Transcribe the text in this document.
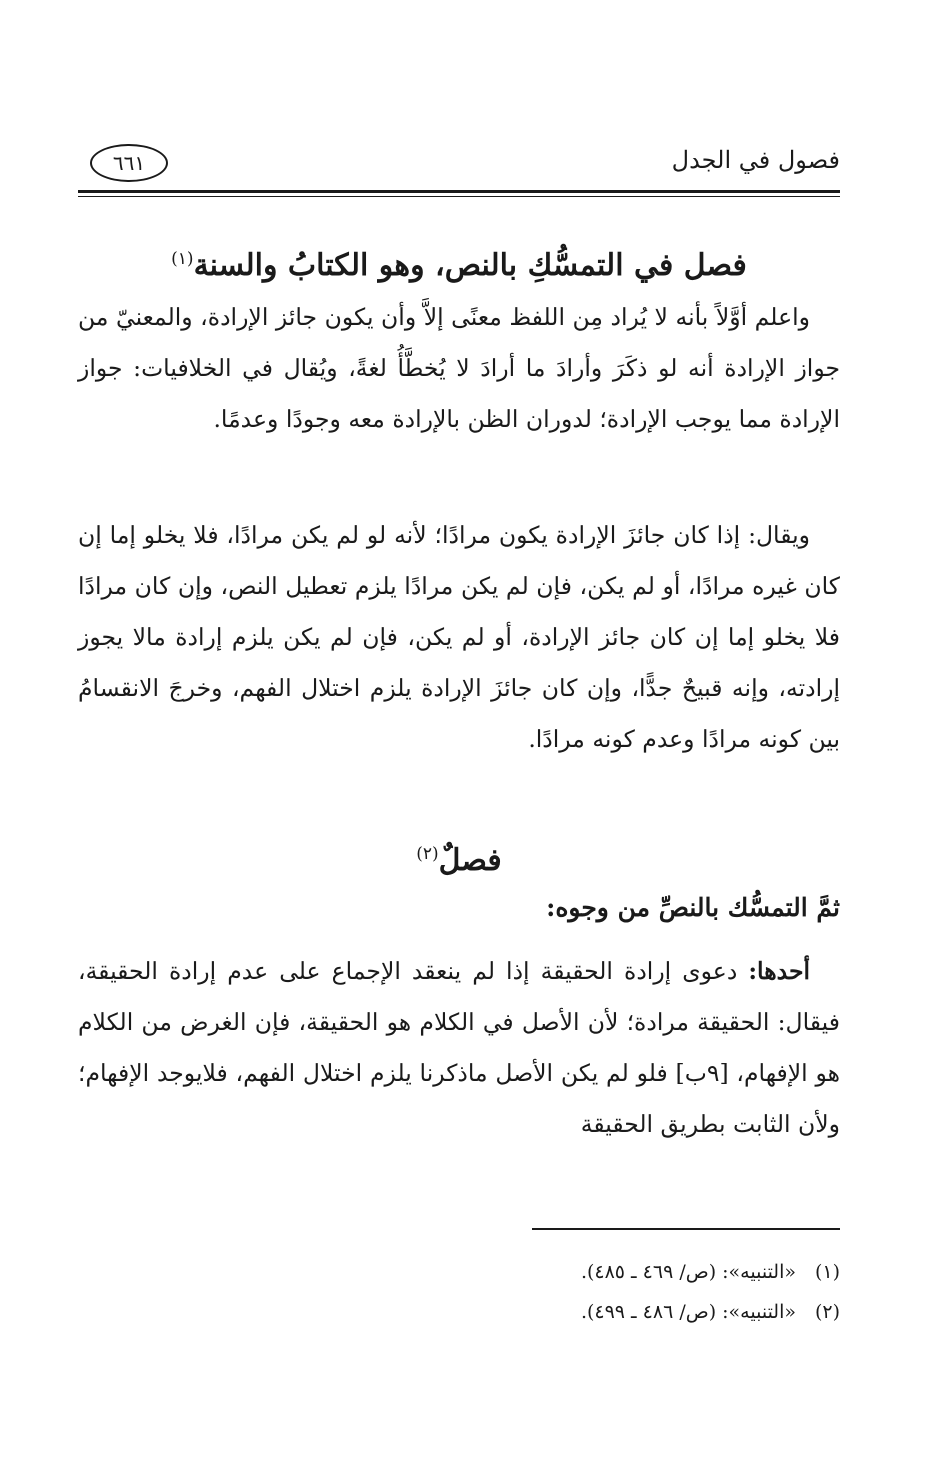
فصول في الجدل
٦٦١
فصل في التمسُّكِ بالنص، وهو الكتابُ والسنة$^{(١)}$

واعلم أوَّلاً بأنه لا يُراد مِن اللفظ معنًى إلاَّ وأن يكون جائز الإرادة، والمعنيّ من جواز الإرادة أنه لو ذكَرَ وأرادَ ما أرادَ لا يُخطَّأُ لغةً، ويُقال في الخلافيات: جواز الإرادة مما يوجب الإرادة؛ لدوران الظن بالإرادة معه وجودًا وعدمًا.

ويقال: إذا كان جائزَ الإرادة يكون مرادًا؛ لأنه لو لم يكن مرادًا، فلا يخلو إما إن كان غيره مرادًا، أو لم يكن، فإن لم يكن مرادًا يلزم تعطيل النص، وإن كان مرادًا فلا يخلو إما إن كان جائز الإرادة، أو لم يكن، فإن لم يكن يلزم إرادة مالا يجوز إرادته، وإنه قبيحٌ جدًّا، وإن كان جائزَ الإرادة يلزم اختلال الفهم، وخرجَ الانقسامُ بين كونه مرادًا وعدم كونه مرادًا.

فصلٌ$^{(٢)}$
ثمَّ التمسُّك بالنصِّ من وجوه:

أحدها: دعوى إرادة الحقيقة إذا لم ينعقد الإجماع على عدم إرادة الحقيقة، فيقال: الحقيقة مرادة؛ لأن الأصل في الكلام هو الحقيقة، فإن الغرض من الكلام هو الإفهام، [٩ب] فلو لم يكن الأصل ماذكرنا يلزم اختلال الفهم، فلايوجد الإفهام؛ ولأن الثابت بطريق الحقيقة

(١)«التنبيه»: (ص/ ٤٦٩ ـ ٤٨٥).
(٢)«التنبيه»: (ص/ ٤٨٦ ـ ٤٩٩).
